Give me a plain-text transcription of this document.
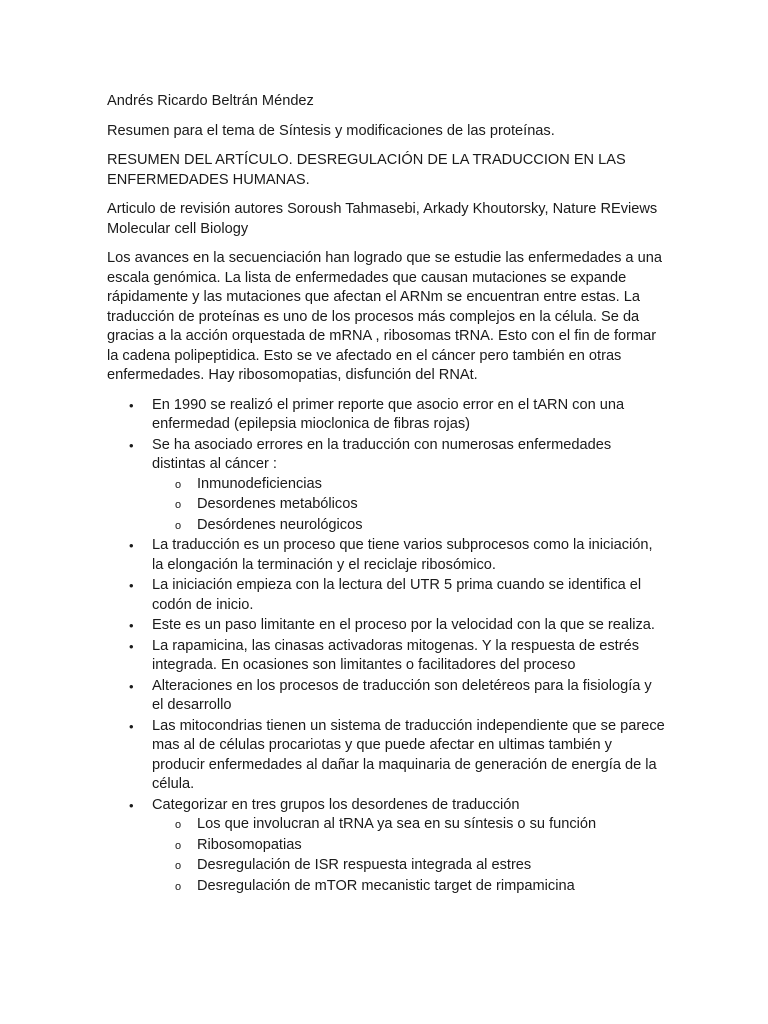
Andrés Ricardo Beltrán Méndez

Resumen para el tema de Síntesis y modificaciones de las proteínas.

RESUMEN DEL ARTÍCULO. DESREGULACIÓN DE LA TRADUCCION EN LAS ENFERMEDADES HUMANAS.

Articulo de revisión autores Soroush Tahmasebi, Arkady Khoutorsky, Nature REviews Molecular cell Biology

Los avances en la secuenciación han logrado que se estudie las enfermedades a una escala genómica. La lista de enfermedades que causan mutaciones se expande rápidamente y las mutaciones que afectan el ARNm se encuentran entre estas. La traducción de proteínas es uno de los procesos más complejos en la célula. Se da gracias a la acción orquestada de mRNA , ribosomas tRNA. Esto con el fin de formar la cadena polipeptidica. Esto se ve afectado en el cáncer pero también en otras enfermedades. Hay ribosomopatias, disfunción del RNAt.

• En 1990 se realizó el primer reporte que asocio error en el tARN con una enfermedad (epilepsia mioclonica de fibras rojas)
• Se ha asociado errores en la traducción con numerosas enfermedades distintas al cáncer :
o Inmunodeficiencias
o Desordenes metabólicos
o Desórdenes neurológicos
• La traducción es un proceso que tiene varios subprocesos como la iniciación, la elongación la terminación y el reciclaje ribosómico.
• La iniciación empieza con la lectura del UTR 5 prima cuando se identifica el codón de inicio.
• Este es un paso limitante en el proceso por la velocidad con la que se realiza.
• La rapamicina, las cinasas activadoras mitogenas. Y la respuesta de estrés integrada. En ocasiones son limitantes o facilitadores del proceso
• Alteraciones en los procesos de traducción son deletéreos para la fisiología y el desarrollo
• Las mitocondrias tienen un sistema de traducción independiente que se parece mas al de células procariotas y que puede afectar en ultimas también y producir enfermedades al dañar la maquinaria de generación de energía de la célula.
• Categorizar en tres grupos los desordenes de traducción
o Los que involucran al tRNA ya sea en su síntesis o su función
o Ribosomopatias
o Desregulación de ISR respuesta integrada al estres
o Desregulación de mTOR mecanistic target de rimpamicina
